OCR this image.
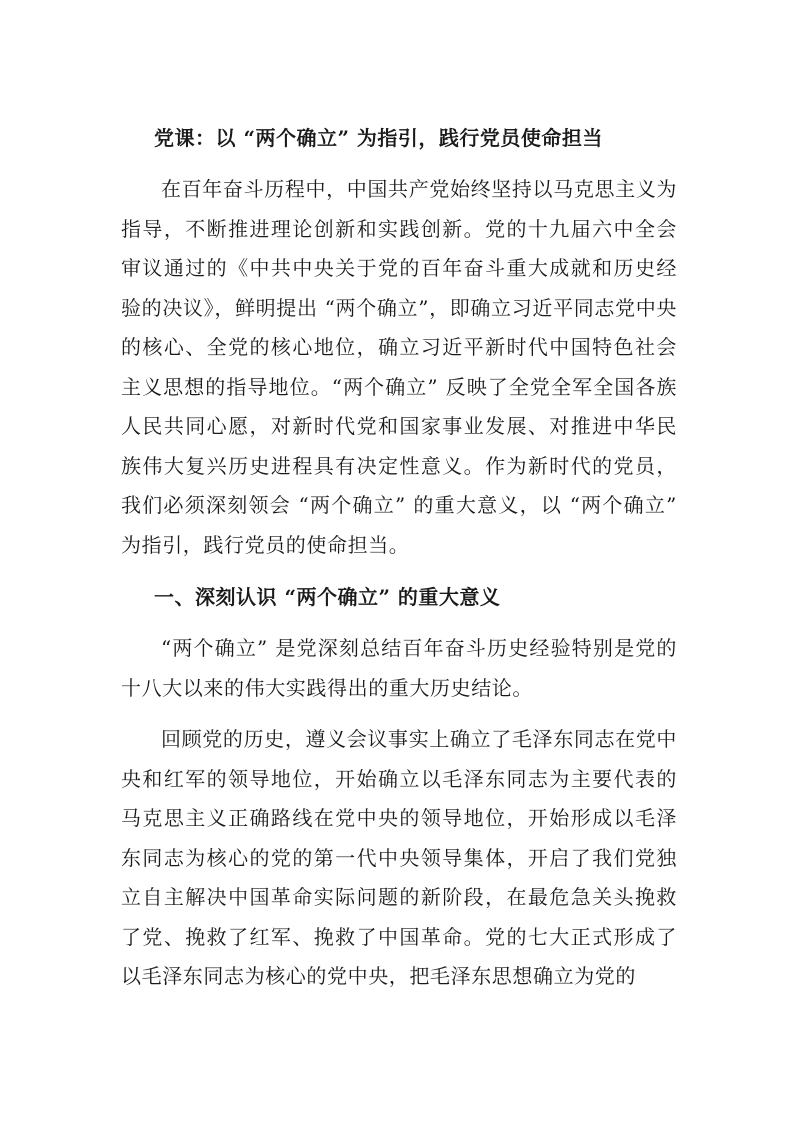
党课：以 “两个确立” 为指引，践行党员使命担当

在百年奋斗历程中，中国共产党始终坚持以马克思主义为指导，不断推进理论创新和实践创新。党的十九届六中全会审议通过的《中共中央关于党的百年奋斗重大成就和历史经验的决议》，鲜明提出 “两个确立”，即确立习近平同志党中央的核心、全党的核心地位，确立习近平新时代中国特色社会主义思想的指导地位。“两个确立” 反映了全党全军全国各族人民共同心愿，对新时代党和国家事业发展、对推进中华民族伟大复兴历史进程具有决定性意义。作为新时代的党员，我们必须深刻领会 “两个确立” 的重大意义，以 “两个确立” 为指引，践行党员的使命担当。

一、深刻认识 “两个确立” 的重大意义

“两个确立” 是党深刻总结百年奋斗历史经验特别是党的十八大以来的伟大实践得出的重大历史结论。

回顾党的历史，遵义会议事实上确立了毛泽东同志在党中央和红军的领导地位，开始确立以毛泽东同志为主要代表的马克思主义正确路线在党中央的领导地位，开始形成以毛泽东同志为核心的党的第一代中央领导集体，开启了我们党独立自主解决中国革命实际问题的新阶段，在最危急关头挽救了党、挽救了红军、挽救了中国革命。党的七大正式形成了以毛泽东同志为核心的党中央，把毛泽东思想确立为党的
